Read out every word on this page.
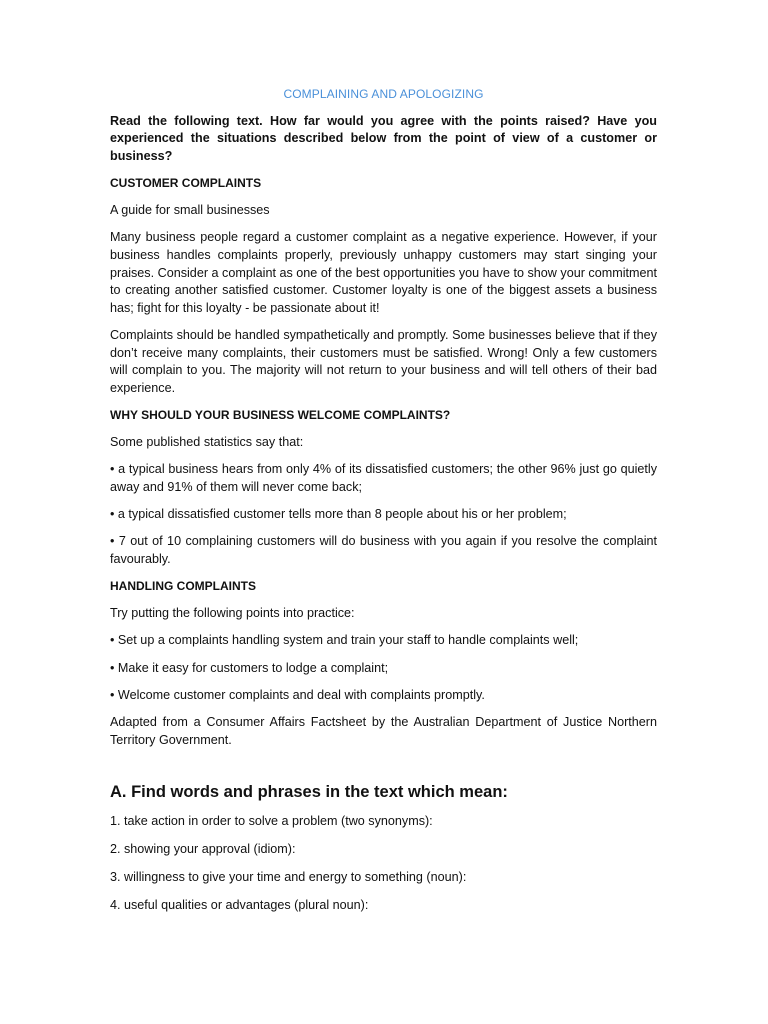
COMPLAINING AND APOLOGIZING
Read the following text. How far would you agree with the points raised? Have you experienced the situations described below from the point of view of a customer or business?
CUSTOMER COMPLAINTS
A guide for small businesses
Many business people regard a customer complaint as a negative experience. However, if your business handles complaints properly, previously unhappy customers may start singing your praises. Consider a complaint as one of the best opportunities you have to show your commitment to creating another satisfied customer. Customer loyalty is one of the biggest assets a business has; fight for this loyalty - be passionate about it!
Complaints should be handled sympathetically and promptly. Some businesses believe that if they don’t receive many complaints, their customers must be satisfied. Wrong! Only a few customers will complain to you. The majority will not return to your business and will tell others of their bad experience.
WHY SHOULD YOUR BUSINESS WELCOME COMPLAINTS?
Some published statistics say that:
• a typical business hears from only 4% of its dissatisfied customers; the other 96% just go quietly away and 91% of them will never come back;
• a typical dissatisfied customer tells more than 8 people about his or her problem;
• 7 out of 10 complaining customers will do business with you again if you resolve the complaint favourably.
HANDLING COMPLAINTS
Try putting the following points into practice:
• Set up a complaints handling system and train your staff to handle complaints well;
• Make it easy for customers to lodge a complaint;
• Welcome customer complaints and deal with complaints promptly.
Adapted from a Consumer Affairs Factsheet by the Australian Department of Justice Northern Territory Government.
A. Find words and phrases in the text which mean:
1. take action in order to solve a problem (two synonyms):
2. showing your approval (idiom):
3. willingness to give your time and energy to something (noun):
4. useful qualities or advantages (plural noun):
